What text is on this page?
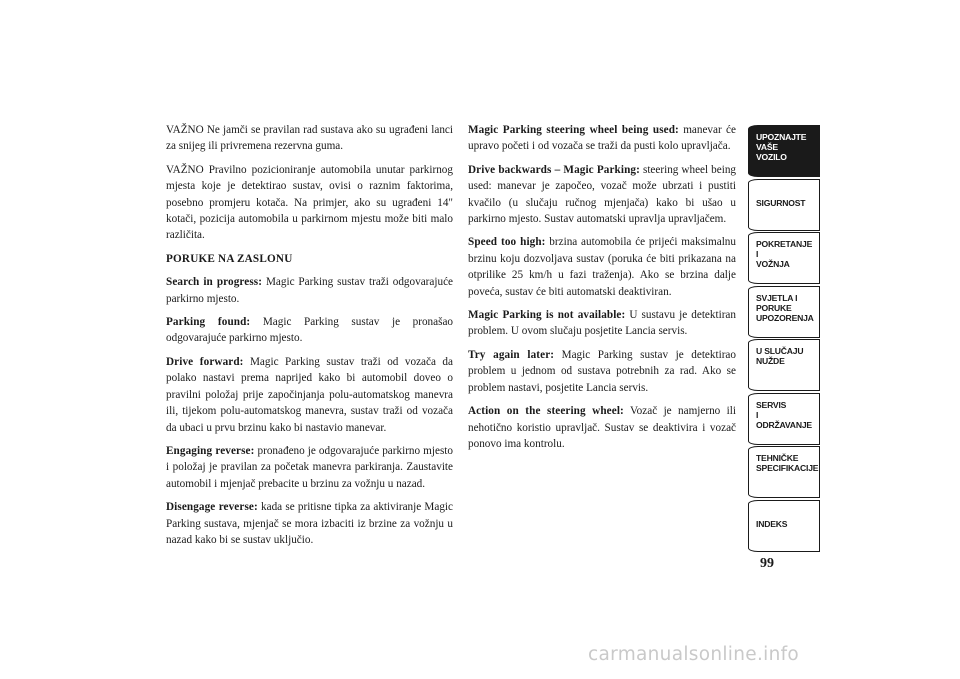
VAŽNO Ne jamči se pravilan rad sustava ako su ugrađeni lanci za snijeg ili privremena rezervna guma.

VAŽNO Pravilno pozicioniranje automobila unutar parkirnog mjesta koje je detektirao sustav, ovisi o raznim faktorima, posebno promjeru kotača. Na primjer, ako su ugrađeni 14" kotači, pozicija automobila u parkirnom mjestu može biti malo različita.

PORUKE NA ZASLONU

Search in progress: Magic Parking sustav traži odgovarajuće parkirno mjesto.

Parking found: Magic Parking sustav je pronašao odgovarajuće parkirno mjesto.

Drive forward: Magic Parking sustav traži od vozača da polako nastavi prema naprijed kako bi automobil doveo o pravilni položaj prije započinjanja polu-automatskog manevra ili, tijekom polu-automatskog manevra, sustav traži od vozača da ubaci u prvu brzinu kako bi nastavio manevar.

Engaging reverse: pronađeno je odgovarajuće parkirno mjesto i položaj je pravilan za početak manevra parkiranja. Zaustavite automobil i mjenjač prebacite u brzinu za vožnju u nazad.

Disengage reverse: kada se pritisne tipka za aktiviranje Magic Parking sustava, mjenjač se mora izbaciti iz brzine za vožnju u nazad kako bi se sustav uključio.

Magic Parking steering wheel being used: manevar će upravo početi i od vozača se traži da pusti kolo upravljača.

Drive backwards – Magic Parking: steering wheel being used: manevar je započeo, vozač može ubrzati i pustiti kvačilo (u slučaju ručnog mjenjača) kako bi ušao u parkirno mjesto. Sustav automatski upravlja upravljačem.

Speed too high: brzina automobila će prijeći maksimalnu brzinu koju dozvoljava sustav (poruka će biti prikazana na otprilike 25 km/h u fazi traženja). Ako se brzina dalje poveća, sustav će biti automatski deaktiviran.

Magic Parking is not available: U sustavu je detektiran problem. U ovom slučaju posjetite Lancia servis.

Try again later: Magic Parking sustav je detektirao problem u jednom od sustava potrebnih za rad. Ako se problem nastavi, posjetite Lancia servis.

Action on the steering wheel: Vozač je namjerno ili nehotično koristio upravljač. Sustav se deaktivira i vozač ponovo ima kontrolu.

UPOZNAJTE
VAŠE
VOZILO
SIGURNOST
POKRETANJE
I
VOŽNJA
SVJETLA I
PORUKE
UPOZORENJA
U SLUČAJU
NUŽDE
SERVIS
I
ODRŽAVANJE
TEHNIČKE
SPECIFIKACIJE
INDEKS
99
carmanualsonline.info
